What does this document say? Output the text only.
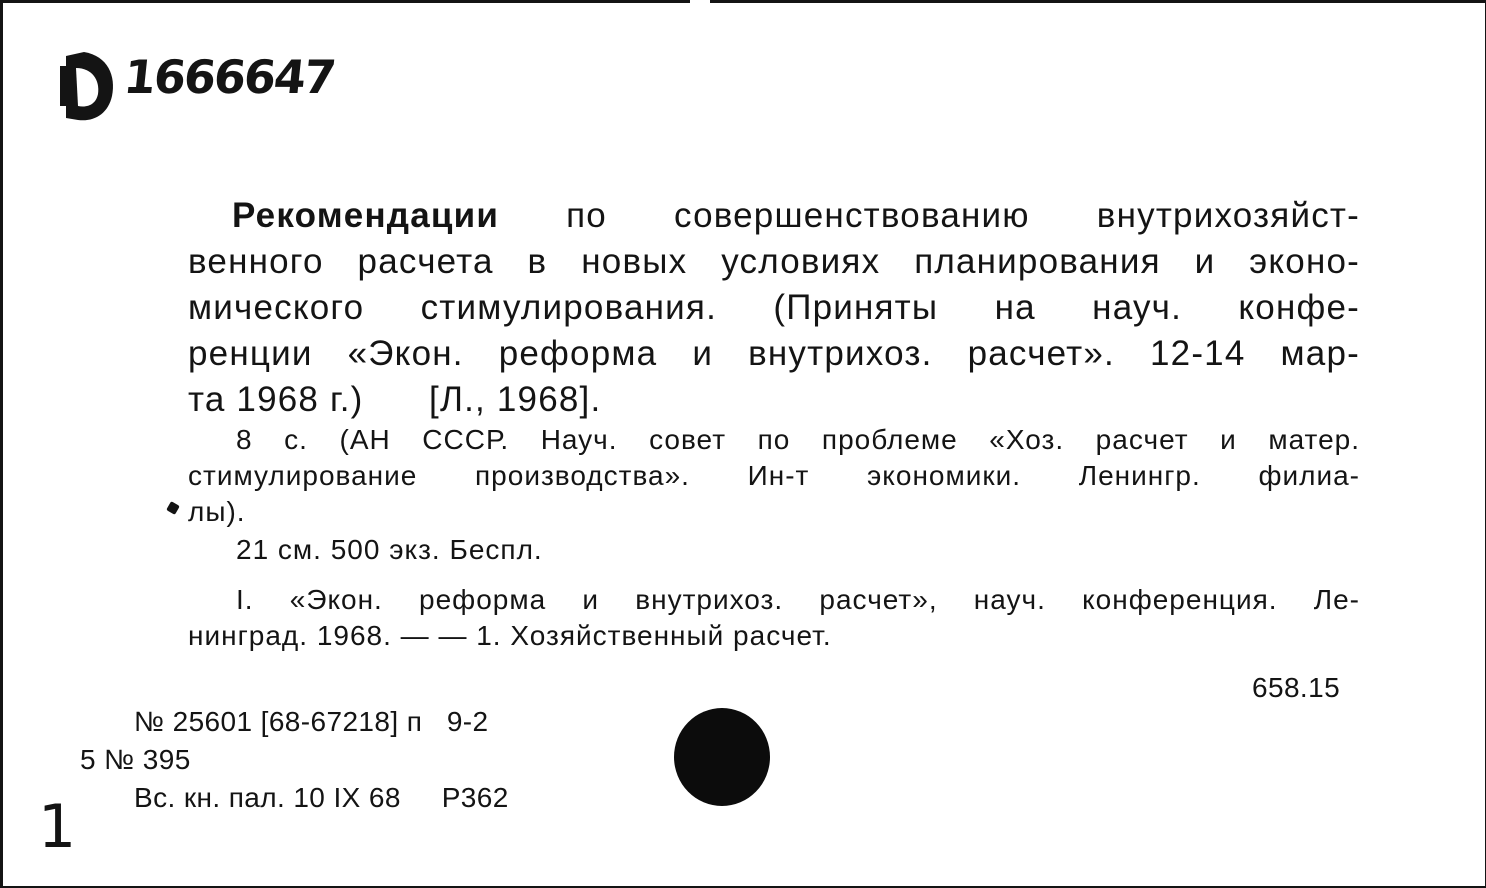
1666647
Рекомендации по совершенствованию внутрихозяйст-
венного расчета в новых условиях планирования и эконо-
мического стимулирования. (Приняты на науч. конфе-
ренции «Экон. реформа и внутрихоз. расчет». 12-14 мар-
та 1968 г.)      [Л., 1968].
8 с. (АН СССР. Науч. совет по проблеме «Хоз. расчет и матер.
стимулирование производства». Ин-т экономики. Ленингр. филиа-
лы).
21 см. 500 экз. Беспл.
I. «Экон. реформа и внутрихоз. расчет», науч. конференция. Ле-
нинград. 1968. — — 1. Хозяйственный расчет.
658.15
№ 25601 [68-67218] п   9-2
5 № 395
Вс. кн. пал. 10 IX 68     Р362
1
